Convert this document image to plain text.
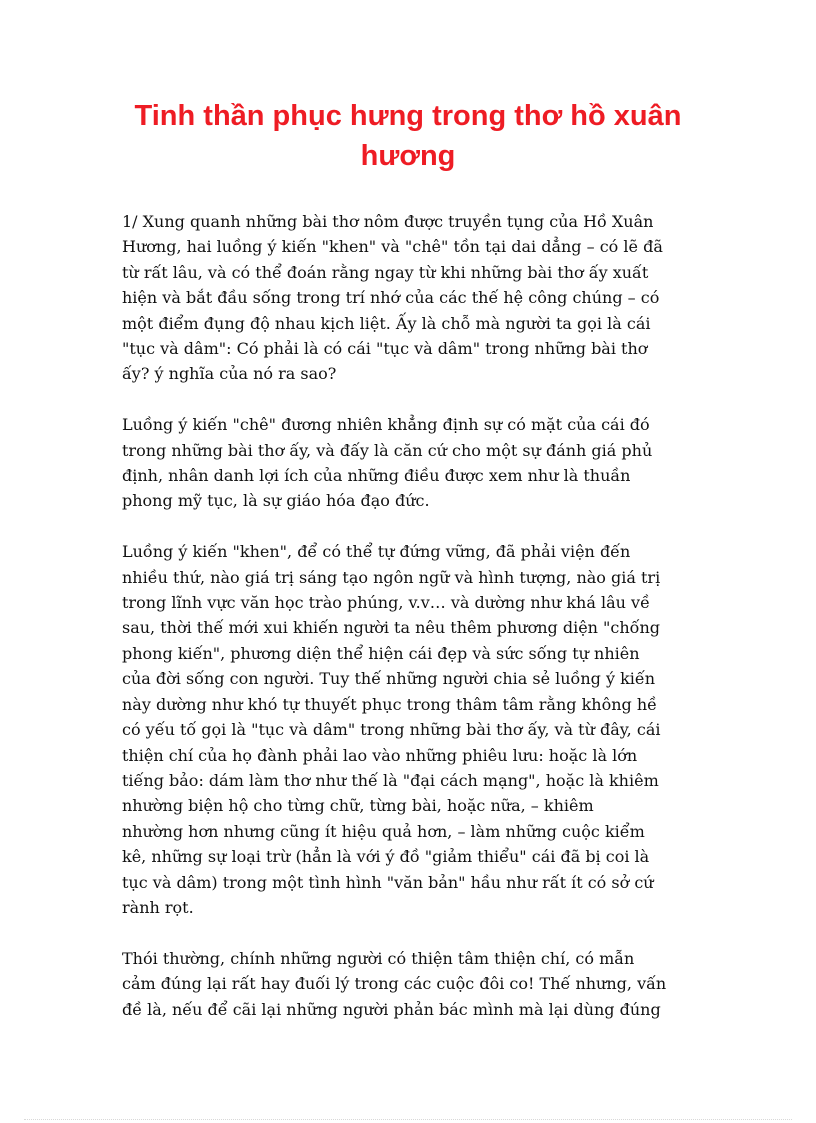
Tinh thần phục hưng trong thơ hồ xuân hương

1/ Xung quanh những bài thơ nôm được truyền tụng của Hồ Xuân
Hương, hai luồng ý kiến "khen" và "chê" tồn tại dai dẳng – có lẽ đã
từ rất lâu, và có thể đoán rằng ngay từ khi những bài thơ ấy xuất
hiện và bắt đầu sống trong trí nhớ của các thế hệ công chúng – có
một điểm đụng độ nhau kịch liệt. Ấy là chỗ mà người ta gọi là cái
"tục và dâm": Có phải là có cái "tục và dâm" trong những bài thơ
ấy? ý nghĩa của nó ra sao?

Luồng ý kiến "chê" đương nhiên khẳng định sự có mặt của cái đó
trong những bài thơ ấy, và đấy là căn cứ cho một sự đánh giá phủ
định, nhân danh lợi ích của những điều được xem như là thuần
phong mỹ tục, là sự giáo hóa đạo đức.

Luồng ý kiến "khen", để có thể tự đứng vững, đã phải viện đến
nhiều thứ, nào giá trị sáng tạo ngôn ngữ và hình tượng, nào giá trị
trong lĩnh vực văn học trào phúng, v.v… và dường như khá lâu về
sau, thời thế mới xui khiến người ta nêu thêm phương diện "chống
phong kiến", phương diện thể hiện cái đẹp và sức sống tự nhiên
của đời sống con người. Tuy thế những người chia sẻ luồng ý kiến
này dường như khó tự thuyết phục trong thâm tâm rằng không hề
có yếu tố gọi là "tục và dâm" trong những bài thơ ấy, và từ đây, cái
thiện chí của họ đành phải lao vào những phiêu lưu: hoặc là lớn
tiếng bảo: dám làm thơ như thế là "đại cách mạng", hoặc là khiêm
nhường biện hộ cho từng chữ, từng bài, hoặc nữa, – khiêm
nhường hơn nhưng cũng ít hiệu quả hơn, – làm những cuộc kiểm
kê, những sự loại trừ (hẳn là với ý đồ "giảm thiểu" cái đã bị coi là
tục và dâm) trong một tình hình "văn bản" hầu như rất ít có sở cứ
rành rọt.

Thói thường, chính những người có thiện tâm thiện chí, có mẫn
cảm đúng lại rất hay đuối lý trong các cuộc đôi co! Thế nhưng, vấn
đề là, nếu để cãi lại những người phản bác mình mà lại dùng đúng
